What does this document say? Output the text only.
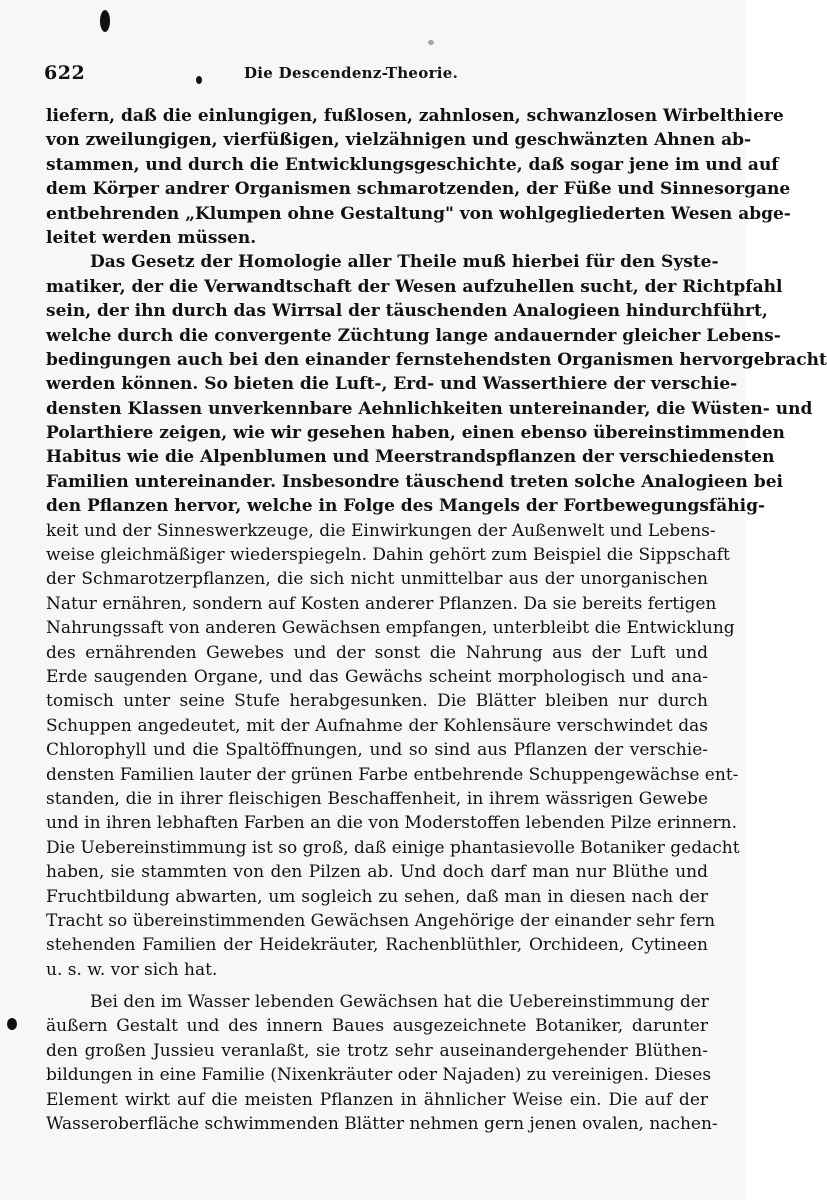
622	Die Descendenz-Theorie.
liefern, daß die einlungigen, fußlosen, zahnlosen, schwanzlosen Wirbelthiere
von zweilungigen, vierfüßigen, vielzähnigen und geschwänzten Ahnen ab-
stammen, und durch die Entwicklungsgeschichte, daß sogar jene im und auf
dem Körper andrer Organismen schmarotzenden, der Füße und Sinnesorgane
entbehrenden „Klumpen ohne Gestaltung" von wohlgegliederten Wesen abge-
leitet werden müssen.
Das Gesetz der Homologie aller Theile muß hierbei für den Syste-
matiker, der die Verwandtschaft der Wesen aufzuhellen sucht, der Richtpfahl
sein, der ihn durch das Wirrsal der täuschenden Analogieen hindurchführt,
welche durch die convergente Züchtung lange andauernder gleicher Lebens-
bedingungen auch bei den einander fernstehendsten Organismen hervorgebracht
werden können. So bieten die Luft-, Erd- und Wasserthiere der verschie-
densten Klassen unverkennbare Aehnlichkeiten untereinander, die Wüsten- und
Polarthiere zeigen, wie wir gesehen haben, einen ebenso übereinstimmenden
Habitus wie die Alpenblumen und Meerstrandspflanzen der verschiedensten
Familien untereinander. Insbesondre täuschend treten solche Analogieen bei
den Pflanzen hervor, welche in Folge des Mangels der Fortbewegungsfähig-
keit und der Sinneswerkzeuge, die Einwirkungen der Außenwelt und Lebens-
weise gleichmäßiger wiederspiegeln. Dahin gehört zum Beispiel die Sippschaft
der Schmarotzerpflanzen, die sich nicht unmittelbar aus der unorganischen
Natur ernähren, sondern auf Kosten anderer Pflanzen. Da sie bereits fertigen
Nahrungssaft von anderen Gewächsen empfangen, unterbleibt die Entwicklung
des ernährenden Gewebes und der sonst die Nahrung aus der Luft und
Erde saugenden Organe, und das Gewächs scheint morphologisch und ana-
tomisch unter seine Stufe herabgesunken. Die Blätter bleiben nur durch
Schuppen angedeutet, mit der Aufnahme der Kohlensäure verschwindet das
Chlorophyll und die Spaltöffnungen, und so sind aus Pflanzen der verschie-
densten Familien lauter der grünen Farbe entbehrende Schuppengewächse ent-
standen, die in ihrer fleischigen Beschaffenheit, in ihrem wässrigen Gewebe
und in ihren lebhaften Farben an die von Moderstoffen lebenden Pilze erinnern.
Die Uebereinstimmung ist so groß, daß einige phantasievolle Botaniker gedacht
haben, sie stammten von den Pilzen ab. Und doch darf man nur Blüthe und
Fruchtbildung abwarten, um sogleich zu sehen, daß man in diesen nach der
Tracht so übereinstimmenden Gewächsen Angehörige der einander sehr fern
stehenden Familien der Heidekräuter, Rachenblüthler, Orchideen, Cytineen
u. s. w. vor sich hat.
Bei den im Wasser lebenden Gewächsen hat die Uebereinstimmung der
äußern Gestalt und des innern Baues ausgezeichnete Botaniker, darunter
den großen Jussieu veranlaßt, sie trotz sehr auseinandergehender Blüthen-
bildungen in eine Familie (Nixenkräuter oder Najaden) zu vereinigen. Dieses
Element wirkt auf die meisten Pflanzen in ähnlicher Weise ein. Die auf der
Wasseroberfläche schwimmenden Blätter nehmen gern jenen ovalen, nachen-
